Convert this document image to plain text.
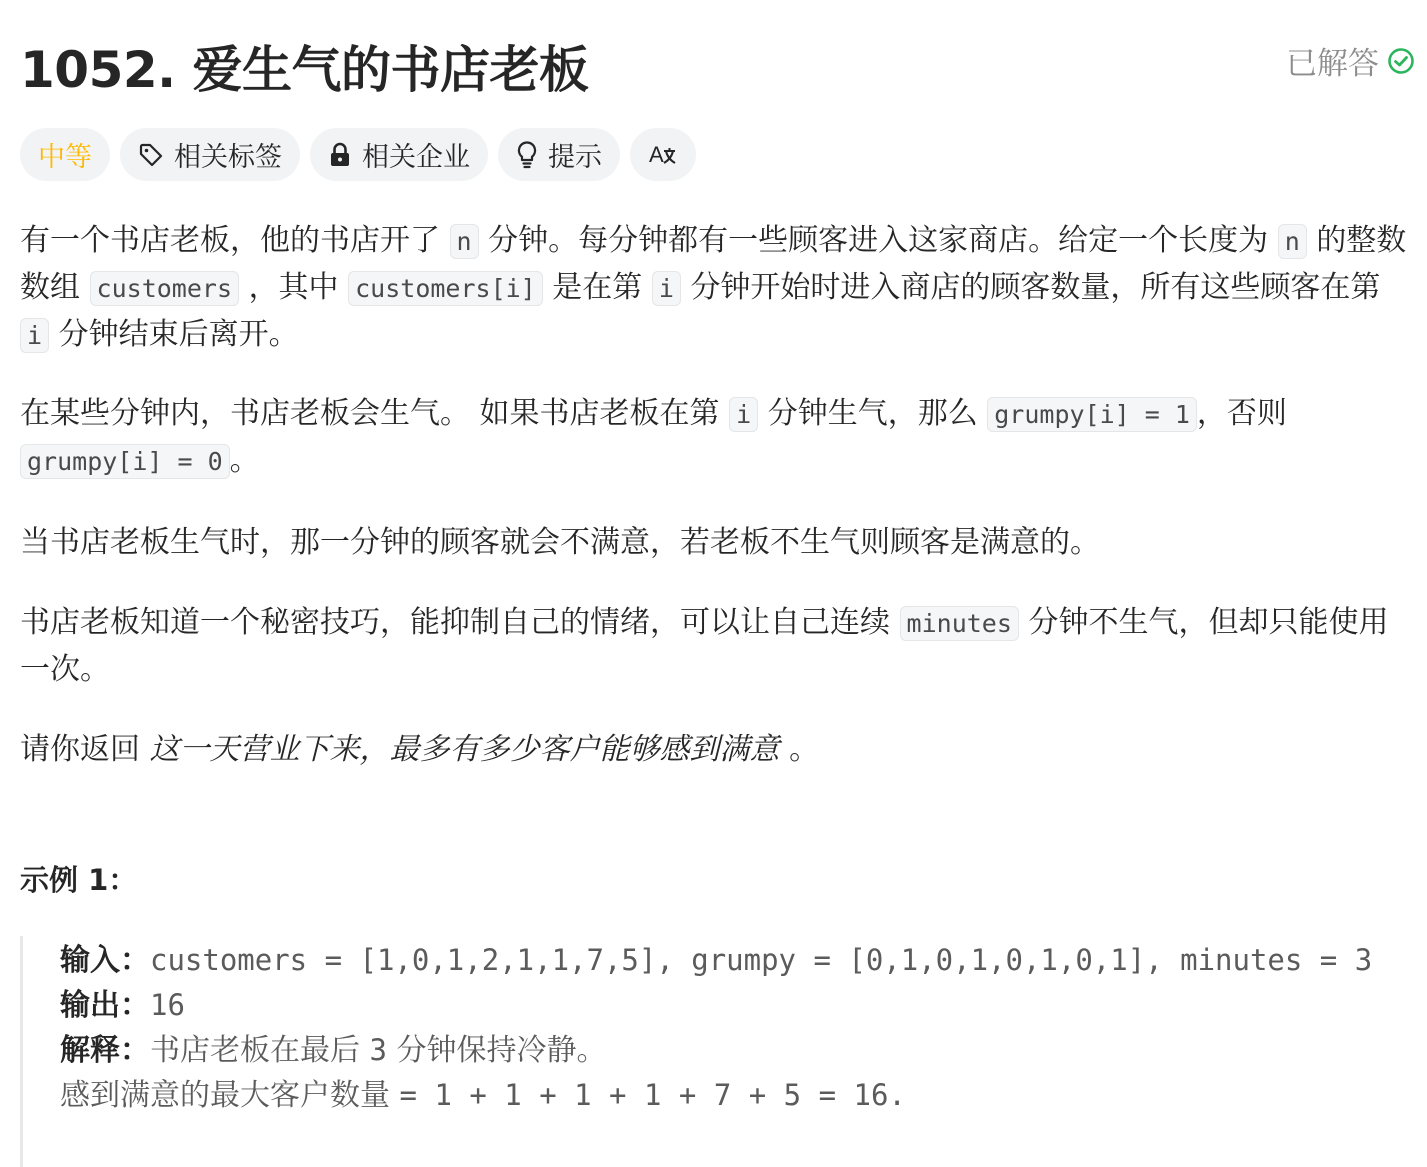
1052. 爱生气的书店老板	已解答
中等	相关标签	相关企业	提示 A
有一个书店老板，他的书店开了 n 分钟。每分钟都有一些顾客进入这家商店。给定一个长度为 n 的整数数组 customers ，其中 customers[i] 是在第 i 分钟开始时进入商店的顾客数量，所有这些顾客在第 i 分钟结束后离开。
在某些分钟内，书店老板会生气。 如果书店老板在第 i 分钟生气，那么 grumpy[i] = 1 ，否则 grumpy[i] = 0 。
当书店老板生气时，那一分钟的顾客就会不满意，若老板不生气则顾客是满意的。
书店老板知道一个秘密技巧，能抑制自己的情绪，可以让自己连续 minutes 分钟不生气，但却只能使用一次。
请你返回 这一天营业下来，最多有多少客户能够感到满意 。
示例 1：
输入：customers = [1,0,1,2,1,1,7,5], grumpy = [0,1,0,1,0,1,0,1], minutes = 3
输出：16
解释：书店老板在最后 3 分钟保持冷静。
感到满意的最大客户数量 = 1 + 1 + 1 + 1 + 7 + 5 = 16.
